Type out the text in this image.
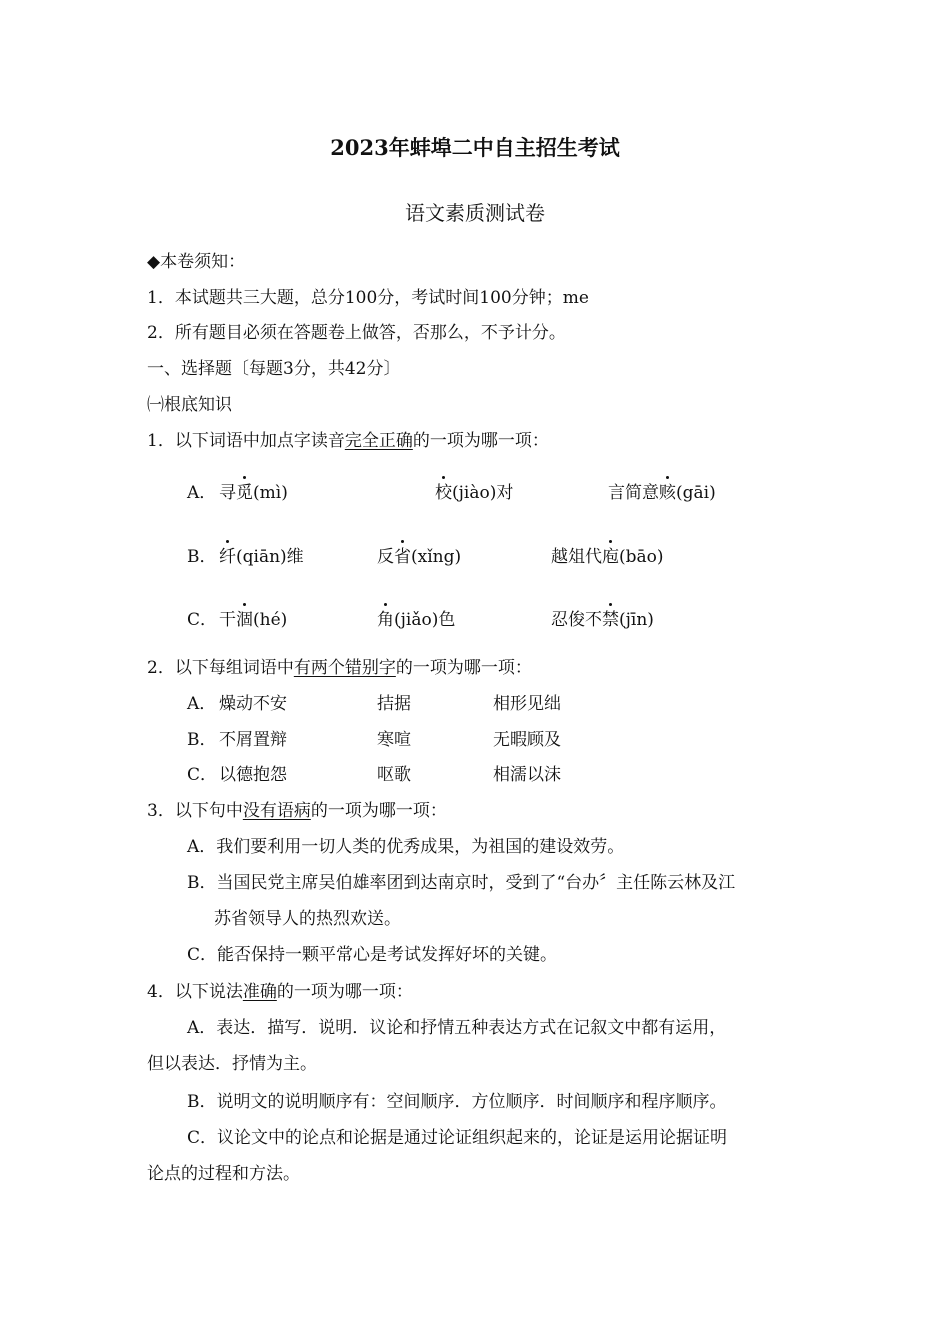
2023年蚌埠二中自主招生考试
语文素质测试卷
◆本卷须知：
1．本试题共三大题，总分100分，考试时间100分钟；me
2．所有题目必须在答题卷上做答，否那么，不予计分。
一、选择题〔每题3分，共42分〕
㈠根底知识
1．以下词语中加点字读音完全正确的一项为哪一项：
A． 寻觅(mì)	校(jiào)对	言简意赅(gāi)
B． 纤(qiān)维	反省(xǐng)	越俎代庖(bāo)
C． 干涸(hé)	角(jiǎo)色	忍俊不禁(jīn)
2．以下每组词语中有两个错别字的一项为哪一项：
A． 燥动不安	拮据	相形见绌
B． 不屑置辩	寒喧	无暇顾及
C． 以德抱怨	呕歌	相濡以沫
3．以下句中没有语病的一项为哪一项：
A．我们要利用一切人类的优秀成果，为祖国的建设效劳。
B．当国民党主席吴伯雄率团到达南京时，受到了“台办〞主任陈云林及江
苏省领导人的热烈欢送。
C．能否保持一颗平常心是考试发挥好坏的关键。
4．以下说法准确的一项为哪一项：
A．表达．描写．说明．议论和抒情五种表达方式在记叙文中都有运用，
但以表达．抒情为主。
B．说明文的说明顺序有：空间顺序．方位顺序．时间顺序和程序顺序。
C．议论文中的论点和论据是通过论证组织起来的，论证是运用论据证明
论点的过程和方法。
